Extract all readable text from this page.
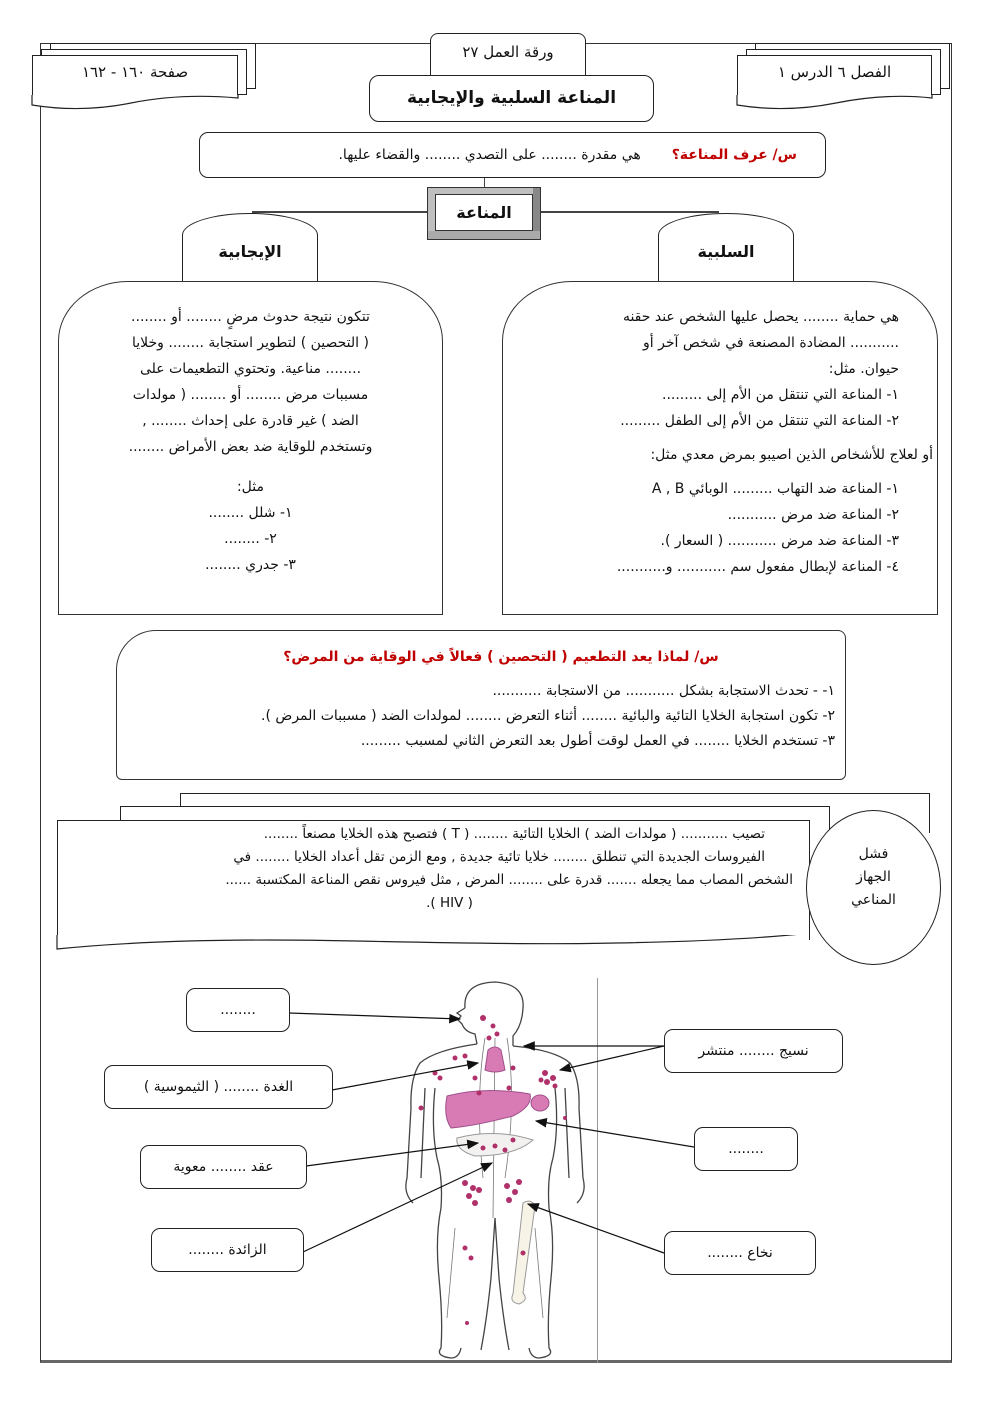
صفحة ١٦٠ - ١٦٢	الفصل ٦ الدرس ١
ورقة العمل ٢٧
المناعة السلبية والإيجابية
س/ عرف المناعة؟  هي مقدرة ........ على التصدي ........ والقضاء عليها.
المناعة
الإيجابية	السلبية
تتكون نتيجة حدوث مرضٍ ........ أو ........
( التحصين ) لتطوير استجابة ........ وخلايا
........ مناعية. وتحتوي التطعيمات على
مسببات مرض ........ أو ........ ( مولدات
الضد ) غير قادرة على إحداث ........ ,
وتستخدم للوقاية ضد بعض الأمراض ........
مثل:
١- شلل ........
٢- ........
٣- جدري ........
هي حماية ........ يحصل عليها الشخص عند حقنه
........... المضادة المصنعة في شخص آخر أو
حيوان. مثل:
١- المناعة التي تنتقل من الأم إلى .........
٢- المناعة التي تنتقل من الأم إلى الطفل .........
أو لعلاج للأشخاص الذين اصيبو بمرض معدي مثل:
١- المناعة ضد التهاب ......... الوبائي A , B
٢- المناعة ضد مرض ...........
٣- المناعة ضد مرض ........... ( السعار ).
٤- المناعة لإبطال مفعول سم ........... و...........
س/ لماذا يعد التطعيم ( التحصين ) فعالاً في الوقاية من المرض؟
١- - تحدث الاستجابة بشكل ........... من الاستجابة ...........
٢- تكون استجابة الخلايا التائية والبائية ........ أثناء التعرض ........ لمولدات الضد ( مسببات المرض ).
٣- تستخدم الخلايا ........ في العمل لوقت أطول بعد التعرض الثاني لمسبب .........
تصيب ........... ( مولدات الضد ) الخلايا التائية ........ ( T ) فتصبح هذه الخلايا مصنعاً ........
الفيروسات الجديدة التي تنطلق ........ خلايا تائية جديدة , ومع الزمن تقل أعداد الخلايا ........ في
الشخص المصاب مما يجعله ....... قدرة على ........ المرض , مثل فيروس نقص المناعة المكتسبة ......
( HIV ).
فشل
الجهاز
المناعي
........
الغدة ........ ( الثيموسية )
عقد ........ معوية
الزائدة ........
نسيج ........ منتشر
........
نخاع ........
